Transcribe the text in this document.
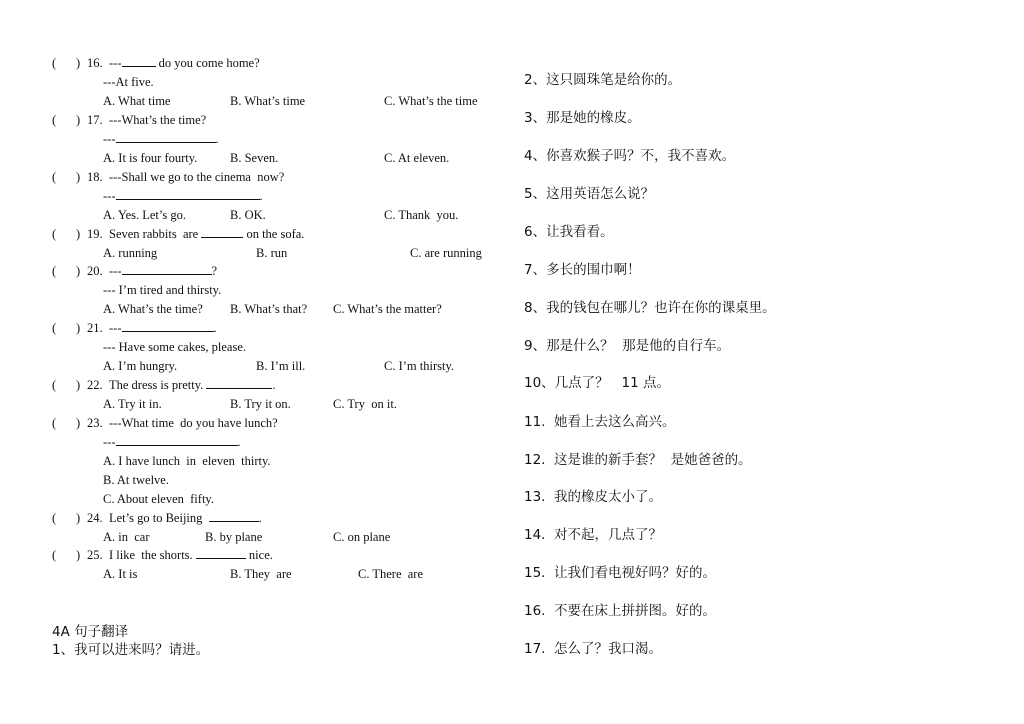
( ) 16. ---	do you come home?
---At five.
A. What time	B. What’s time	C. What’s the time
( ) 17. ---What’s the time?
---	.
A. It is four fourty.	B. Seven.	C. At eleven.
( ) 18. ---Shall we go to the cinema  now?
---	.
A. Yes. Let’s go.	B. OK.	C. Thank  you.
( ) 19. Seven rabbits  are	on the sofa.
A. running	B. run	C. are running
( ) 20. ---	?
--- I’m tired and thirsty.
A. What’s the time? B. What’s that? C. What’s the matter?
( ) 21. ---	.
--- Have some cakes, please.
A. I’m hungry.	B. I’m ill.	C. I’m thirsty.
( ) 22. The dress is pretty.	.
A. Try it in.	B. Try it on.	C. Try  on it.
( ) 23. ---What time  do you have lunch?
---	.
A. I have lunch  in  eleven  thirty.
B. At twelve.
C. About eleven  fifty.
( ) 24. Let’s go to Beijing	.
A. in  car	B. by plane	C. on plane
( ) 25. I like  the shorts.	nice.
A. It is	B. They  are	C. There  are
4A 句子翻译
1、我可以进来吗？请进。
2、这只圆珠笔是给你的。
3、那是她的橡皮。
4、你喜欢猴子吗？不，我不喜欢。
5、这用英语怎么说？
6、让我看看。
7、多长的围巾啊！
8、我的钱包在哪儿？也许在你的课桌里。
9、那是什么？  那是他的自行车。
10、几点了？   11 点。
11.  她看上去这么高兴。
12.  这是谁的新手套？  是她爸爸的。
13.  我的橡皮太小了。
14.  对不起，几点了？
15.  让我们看电视好吗？好的。
16.  不要在床上拼拼图。好的。
17.  怎么了？我口渴。
